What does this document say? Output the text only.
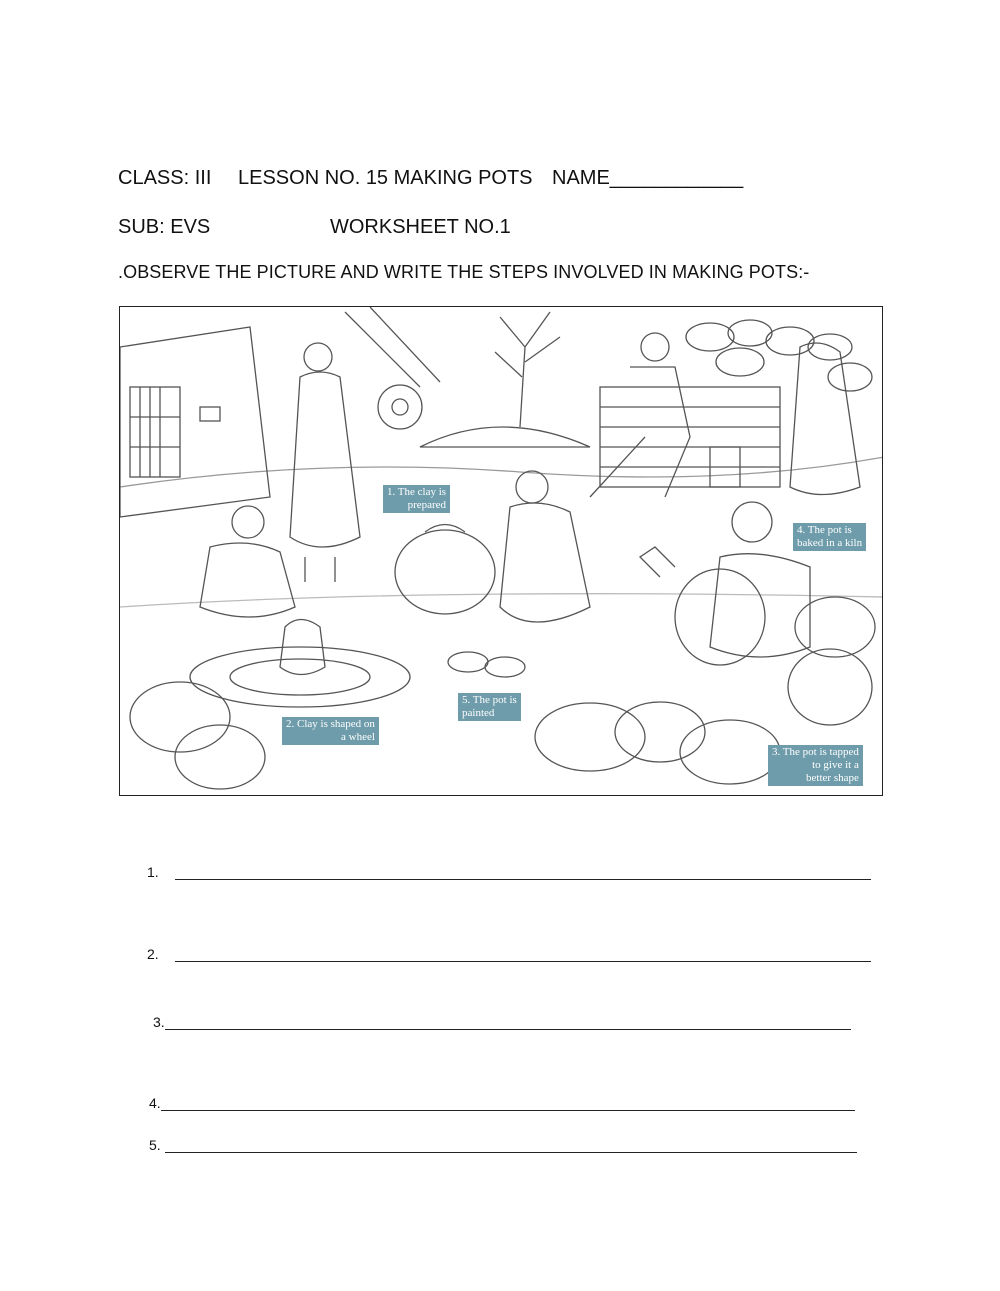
CLASS: III

LESSON NO. 15 MAKING POTS

NAME____________

SUB: EVS	WORKSHEET NO.1
.OBSERVE THE PICTURE AND WRITE THE STEPS INVOLVED IN MAKING POTS:-
1. The clay is
prepared
2. Clay is shaped on
a wheel
3. The pot is tapped
to give it a
better shape
4. The pot is
baked in a kiln
5. The pot is
painted
1.
2.
3.
4.
5.
